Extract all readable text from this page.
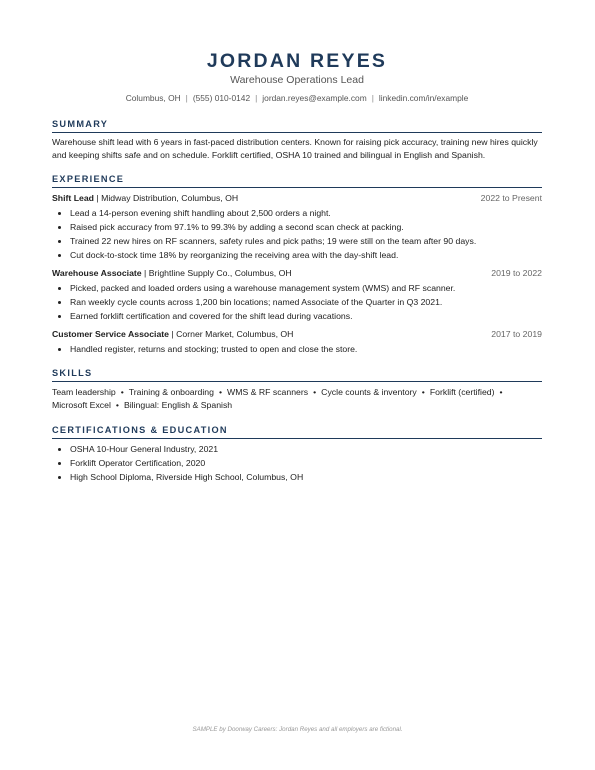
JORDAN REYES
Warehouse Operations Lead
Columbus, OH | (555) 010-0142 | jordan.reyes@example.com | linkedin.com/in/example
SUMMARY
Warehouse shift lead with 6 years in fast-paced distribution centers. Known for raising pick accuracy, training new hires quickly and keeping shifts safe and on schedule. Forklift certified, OSHA 10 trained and bilingual in English and Spanish.
EXPERIENCE
Shift Lead | Midway Distribution, Columbus, OH	2022 to Present
• Lead a 14-person evening shift handling about 2,500 orders a night.
• Raised pick accuracy from 97.1% to 99.3% by adding a second scan check at packing.
• Trained 22 new hires on RF scanners, safety rules and pick paths; 19 were still on the team after 90 days.
• Cut dock-to-stock time 18% by reorganizing the receiving area with the day-shift lead.
Warehouse Associate | Brightline Supply Co., Columbus, OH	2019 to 2022
• Picked, packed and loaded orders using a warehouse management system (WMS) and RF scanner.
• Ran weekly cycle counts across 1,200 bin locations; named Associate of the Quarter in Q3 2021.
• Earned forklift certification and covered for the shift lead during vacations.
Customer Service Associate | Corner Market, Columbus, OH	2017 to 2019
• Handled register, returns and stocking; trusted to open and close the store.
SKILLS
Team leadership • Training & onboarding • WMS & RF scanners • Cycle counts & inventory • Forklift (certified) • Microsoft Excel • Bilingual: English & Spanish
CERTIFICATIONS & EDUCATION
• OSHA 10-Hour General Industry, 2021
• Forklift Operator Certification, 2020
• High School Diploma, Riverside High School, Columbus, OH
SAMPLE by Doorway Careers: Jordan Reyes and all employers are fictional.
